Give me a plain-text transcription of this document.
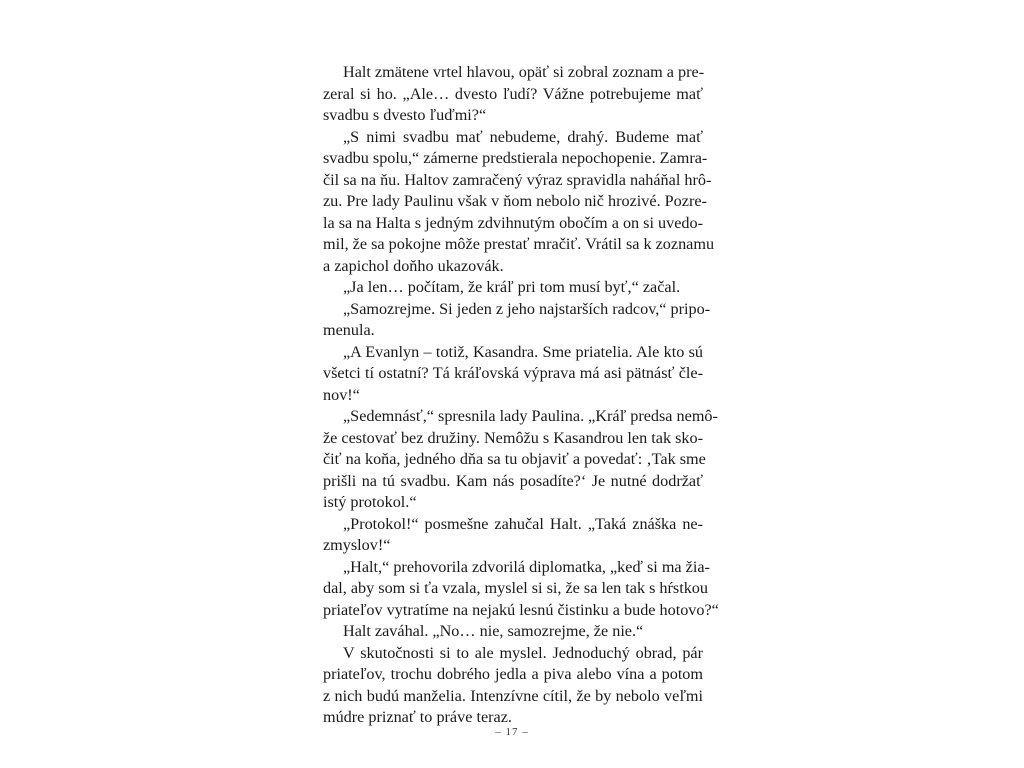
Halt zmätene vrtel hlavou, opäť si zobral zoznam a pre-
zeral si ho. „Ale… dvesto ľudí? Vážne potrebujeme mať
svadbu s dvesto ľuďmi?“
„S nimi svadbu mať nebudeme, drahý. Budeme mať
svadbu spolu,“ zámerne predstierala nepochopenie. Zamra-
čil sa na ňu. Haltov zamračený výraz spravidla naháňal hrô-
zu. Pre lady Paulinu však v ňom nebolo nič hrozivé. Pozre-
la sa na Halta s jedným zdvihnutým obočím a on si uvedo-
mil, že sa pokojne môže prestať mračiť. Vrátil sa k zoznamu
a zapichol doňho ukazovák.
„Ja len… počítam, že kráľ pri tom musí byť,“ začal.
„Samozrejme. Si jeden z jeho najstarších radcov,“ pripo-
menula.
„A Evanlyn – totiž, Kasandra. Sme priatelia. Ale kto sú
všetci tí ostatní? Tá kráľovská výprava má asi pätnásť čle-
nov!“
„Sedemnásť,“ spresnila lady Paulina. „Kráľ predsa nemô-
že cestovať bez družiny. Nemôžu s Kasandrou len tak sko-
čiť na koňa, jedného dňa sa tu objaviť a povedať: ‚Tak sme
prišli na tú svadbu. Kam nás posadíte?‘ Je nutné dodržať
istý protokol.“
„Protokol!“ posmešne zahučal Halt. „Taká znáška ne-
zmyslov!“
„Halt,“ prehovorila zdvorilá diplomatka, „keď si ma žia-
dal, aby som si ťa vzala, myslel si si, že sa len tak s hŕstkou
priateľov vytratíme na nejakú lesnú čistinku a bude hotovo?“
Halt zaváhal. „No… nie, samozrejme, že nie.“
V skutočnosti si to ale myslel. Jednoduchý obrad, pár
priateľov, trochu dobrého jedla a piva alebo vína a potom
z nich budú manželia. Intenzívne cítil, že by nebolo veľmi
múdre priznať to práve teraz.
– 17 –
